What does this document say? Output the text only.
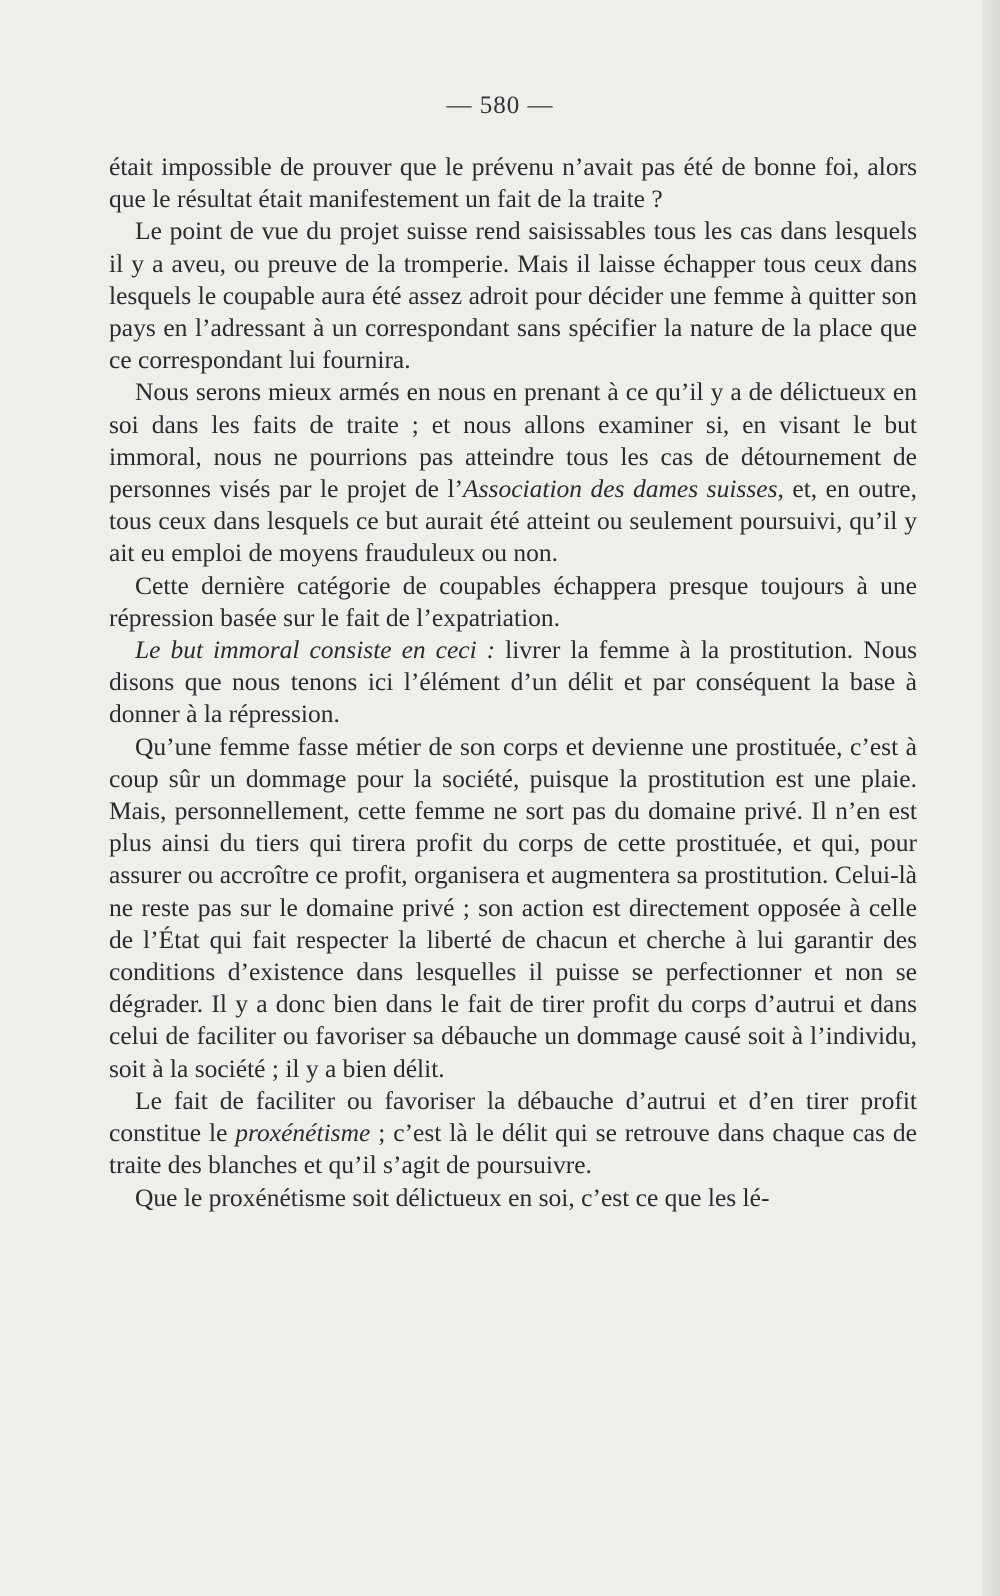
— 580 —

était impossible de prouver que le prévenu n’avait pas été de bonne foi, alors que le résultat était manifestement un fait de la traite ?

Le point de vue du projet suisse rend saisissables tous les cas dans lesquels il y a aveu, ou preuve de la tromperie. Mais il laisse échapper tous ceux dans lesquels le coupable aura été assez adroit pour décider une femme à quitter son pays en l’adressant à un correspondant sans spécifier la nature de la place que ce correspondant lui fournira.

Nous serons mieux armés en nous en prenant à ce qu’il y a de délictueux en soi dans les faits de traite ; et nous allons examiner si, en visant le but immoral, nous ne pourrions pas atteindre tous les cas de détournement de personnes visés par le projet de l’Association des dames suisses, et, en outre, tous ceux dans lesquels ce but aurait été atteint ou seulement poursuivi, qu’il y ait eu emploi de moyens frauduleux ou non.

Cette dernière catégorie de coupables échappera presque toujours à une répression basée sur le fait de l’expatriation.

Le but immoral consiste en ceci : livrer la femme à la prostitution. Nous disons que nous tenons ici l’élément d’un délit et par conséquent la base à donner à la répression.

Qu’une femme fasse métier de son corps et devienne une prostituée, c’est à coup sûr un dommage pour la société, puisque la prostitution est une plaie. Mais, personnellement, cette femme ne sort pas du domaine privé. Il n’en est plus ainsi du tiers qui tirera profit du corps de cette prostituée, et qui, pour assurer ou accroître ce profit, organisera et augmentera sa prostitution. Celui-là ne reste pas sur le domaine privé ; son action est directement opposée à celle de l’État qui fait respecter la liberté de chacun et cherche à lui garantir des conditions d’existence dans lesquelles il puisse se perfectionner et non se dégrader. Il y a donc bien dans le fait de tirer profit du corps d’autrui et dans celui de faciliter ou favoriser sa débauche un dommage causé soit à l’individu, soit à la société ; il y a bien délit.

Le fait de faciliter ou favoriser la débauche d’autrui et d’en tirer profit constitue le proxénétisme ; c’est là le délit qui se retrouve dans chaque cas de traite des blanches et qu’il s’agit de poursuivre.

Que le proxénétisme soit délictueux en soi, c’est ce que les lé-
